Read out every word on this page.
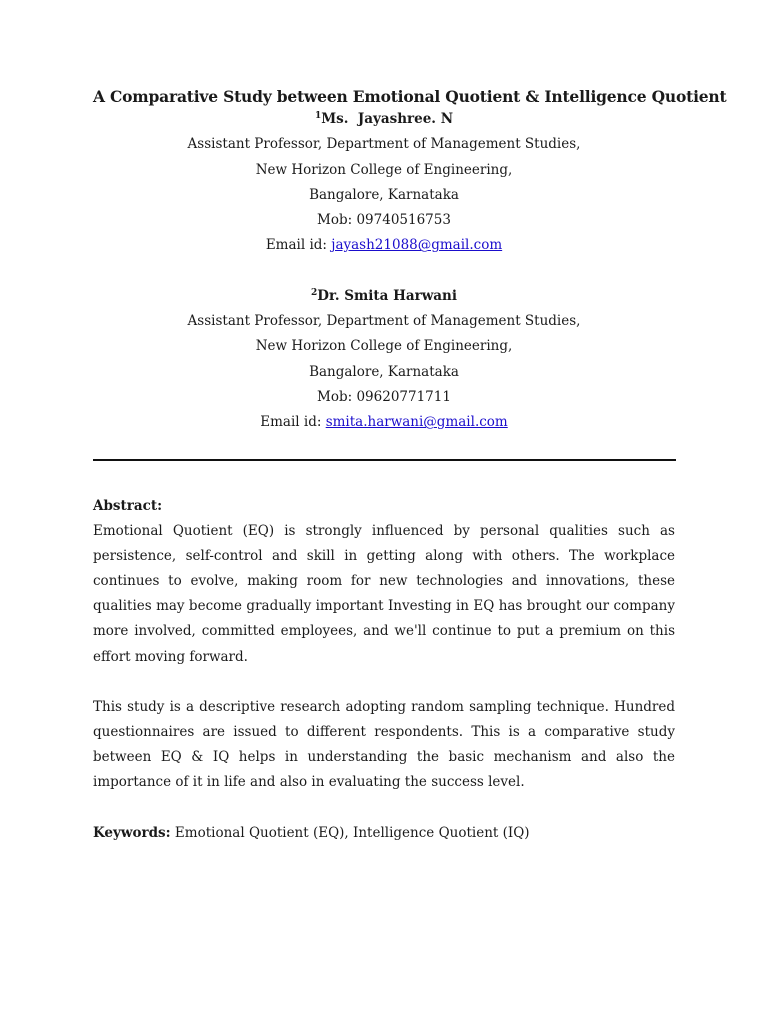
A Comparative Study between Emotional Quotient & Intelligence Quotient
$^1$Ms.  Jayashree. N
Assistant Professor, Department of Management Studies,
New Horizon College of Engineering,
Bangalore, Karnataka
Mob: 09740516753
Email id: jayash21088@gmail.com
$^2$Dr. Smita Harwani
Assistant Professor, Department of Management Studies,
New Horizon College of Engineering,
Bangalore, Karnataka
Mob: 09620771711
Email id: smita.harwani@gmail.com
Abstract:

Emotional Quotient (EQ) is strongly influenced by personal qualities such as persistence, self-control and skill in getting along with others. The workplace continues to evolve, making room for new technologies and innovations, these qualities may become gradually important Investing in EQ has brought our company more involved, committed employees, and we'll continue to put a premium on this effort moving forward.

This study is a descriptive research adopting random sampling technique. Hundred questionnaires are issued to different respondents. This is a comparative study between EQ & IQ helps in understanding the basic mechanism and also the importance of it in life and also in evaluating the success level.

Keywords: Emotional Quotient (EQ), Intelligence Quotient (IQ)
